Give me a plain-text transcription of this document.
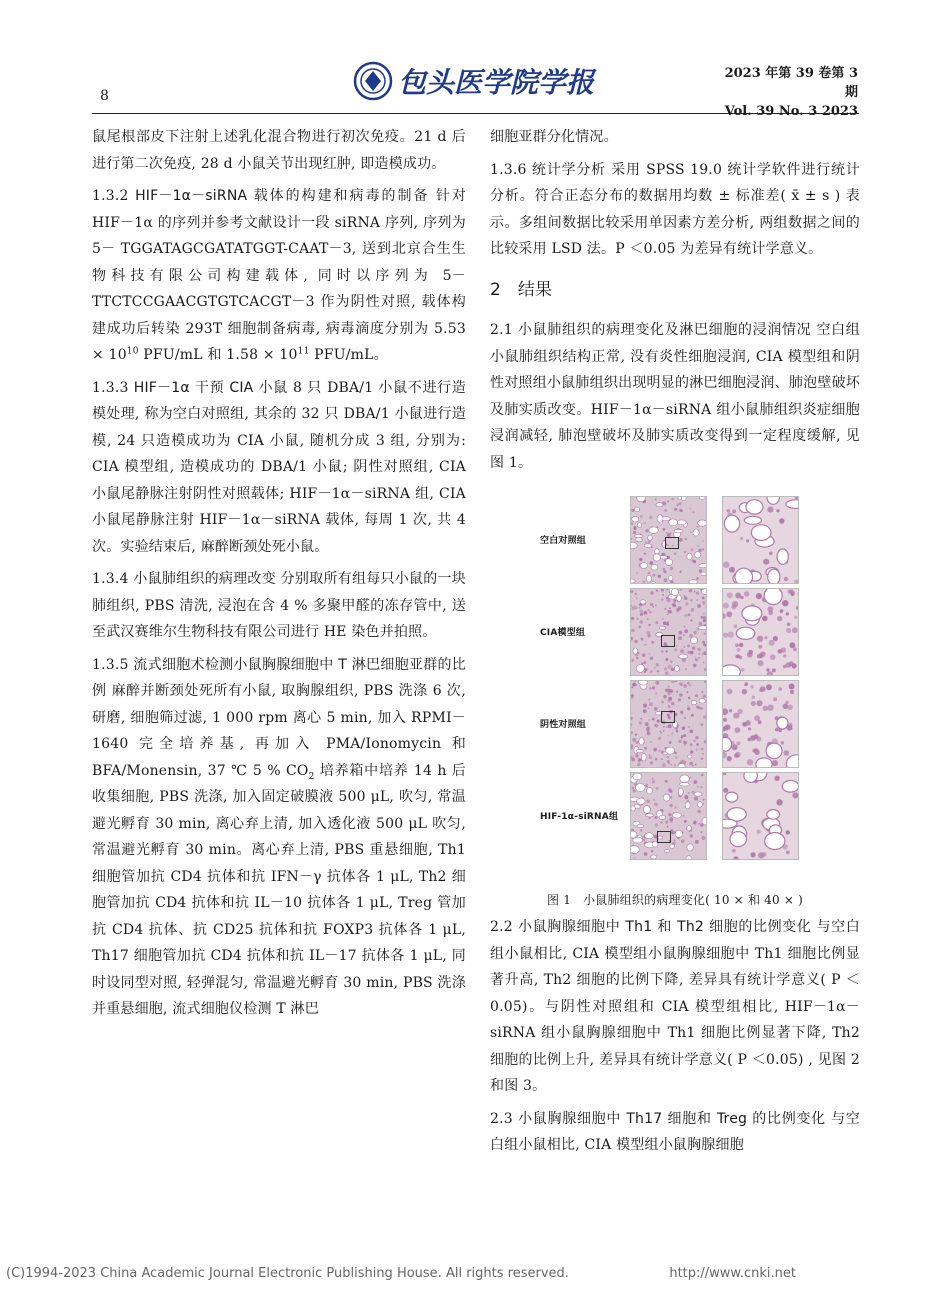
8	包头医学院学报	2023 年第 39 卷第 3 期
Vol. 39 No. 3 2023

鼠尾根部皮下注射上述乳化混合物进行初次免疫。21 d 后进行第二次免疫, 28 d 小鼠关节出现红肿, 即造模成功。

1.3.2 HIF－1α－siRNA 载体的构建和病毒的制备 针对 HIF－1α 的序列并参考文献设计一段 siRNA 序列, 序列为 5－ TGGATAGCGATATGGT-CAAT－3, 送到北京合生生物科技有限公司构建载体, 同时以序列为 5－ TTCTCCGAACGTGTCACGT－3 作为阴性对照, 载体构建成功后转染 293T 细胞制备病毒, 病毒滴度分别为 $5.53 \times 10^{10}$ PFU/mL 和 $1.58 \times 10^{11}$ PFU/mL。

1.3.3 HIF－1α 干预 CIA 小鼠 8 只 DBA/1 小鼠不进行造模处理, 称为空白对照组, 其余的 32 只 DBA/1 小鼠进行造模, 24 只造模成功为 CIA 小鼠, 随机分成 3 组, 分别为: CIA 模型组, 造模成功的 DBA/1 小鼠; 阴性对照组, CIA 小鼠尾静脉注射阴性对照载体; HIF－1α－siRNA 组, CIA 小鼠尾静脉注射 HIF－1α－siRNA 载体, 每周 1 次, 共 4 次。实验结束后, 麻醉断颈处死小鼠。

1.3.4 小鼠肺组织的病理改变 分别取所有组每只小鼠的一块肺组织, PBS 清洗, 浸泡在含 4 % 多聚甲醛的冻存管中, 送至武汉赛维尔生物科技有限公司进行 HE 染色并拍照。

1.3.5 流式细胞术检测小鼠胸腺细胞中 T 淋巴细胞亚群的比例 麻醉并断颈处死所有小鼠, 取胸腺组织, PBS 洗涤 6 次, 研磨, 细胞筛过滤, 1 000 rpm 离心 5 min, 加入 RPMI－1640 完全培养基, 再加入 PMA/Ionomycin 和 BFA/Monensin, 37 ℃ 5 % $CO_2$ 培养箱中培养 14 h 后收集细胞, PBS 洗涤, 加入固定破膜液 500 μL, 吹匀, 常温避光孵育 30 min, 离心弃上清, 加入透化液 500 μL 吹匀, 常温避光孵育 30 min。离心弃上清, PBS 重悬细胞, Th1 细胞管加抗 CD4 抗体和抗 IFN－γ 抗体各 1 μL, Th2 细胞管加抗 CD4 抗体和抗 IL－10 抗体各 1 μL, Treg 管加抗 CD4 抗体、抗 CD25 抗体和抗 FOXP3 抗体各 1 μL, Th17 细胞管加抗 CD4 抗体和抗 IL－17 抗体各 1 μL, 同时设同型对照, 轻弹混匀, 常温避光孵育 30 min, PBS 洗涤并重悬细胞, 流式细胞仪检测 T 淋巴

细胞亚群分化情况。

1.3.6 统计学分析 采用 SPSS 19.0 统计学软件进行统计分析。符合正态分布的数据用均数 ± 标准差( x̄ ± s ) 表示。多组间数据比较采用单因素方差分析, 两组数据之间的比较采用 LSD 法。P ＜0.05 为差异有统计学意义。

2 结果

2.1 小鼠肺组织的病理变化及淋巴细胞的浸润情况 空白组小鼠肺组织结构正常, 没有炎性细胞浸润, CIA 模型组和阴性对照组小鼠肺组织出现明显的淋巴细胞浸润、肺泡壁破坏及肺实质改变。HIF－1α－siRNA 组小鼠肺组织炎症细胞浸润减轻, 肺泡壁破坏及肺实质改变得到一定程度缓解, 见图 1。

空白对照组
CIA模型组
阴性对照组
HIF-1α-siRNA组

图 1 小鼠肺组织的病理变化( 10 × 和 40 × )

2.2 小鼠胸腺细胞中 Th1 和 Th2 细胞的比例变化 与空白组小鼠相比, CIA 模型组小鼠胸腺细胞中 Th1 细胞比例显著升高, Th2 细胞的比例下降, 差异具有统计学意义( P ＜0.05)。与阴性对照组和 CIA 模型组相比, HIF－1α－siRNA 组小鼠胸腺细胞中 Th1 细胞比例显著下降, Th2 细胞的比例上升, 差异具有统计学意义( P ＜0.05) , 见图 2 和图 3。

2.3 小鼠胸腺细胞中 Th17 细胞和 Treg 的比例变化 与空白组小鼠相比, CIA 模型组小鼠胸腺细胞

(C)1994-2023 China Academic Journal Electronic Publishing House. All rights reserved.	http://www.cnki.net
